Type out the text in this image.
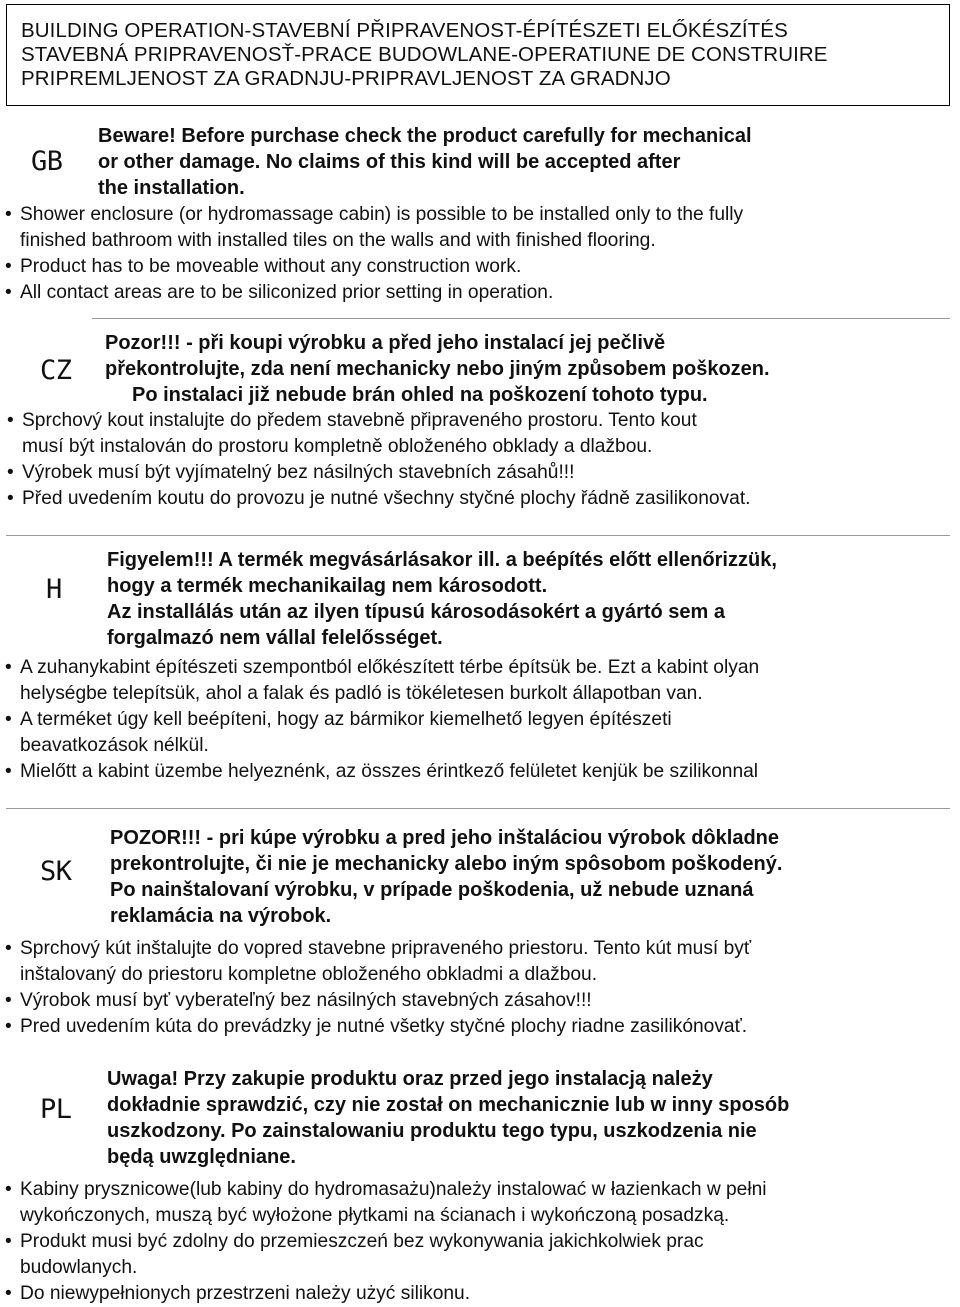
BUILDING OPERATION-STAVEBNÍ PŘIPRAVENOST-ÉPÍTÉSZETI ELŐKÉSZÍTÉS
STAVEBNÁ PRIPRAVENOSŤ-PRACE BUDOWLANE-OPERATIUNE DE CONSTRUIRE
PRIPREMLJENOST ZA GRADNJU-PRIPRAVLJENOST ZA GRADNJO
GB
Beware! Before purchase check the product carefully for mechanical
or other damage. No claims of this kind will be accepted after
the installation.
• Shower enclosure (or hydromassage cabin) is possible to be installed only to the fully
finished bathroom with installed tiles on the walls and with finished flooring.
• Product has to be moveable without any construction work.
• All contact areas are to be siliconized prior setting in operation.
CZ
Pozor!!! - při koupi výrobku a před jeho instalací jej pečlivě
překontrolujte, zda není mechanicky nebo jiným způsobem poškozen.
Po instalaci již nebude brán ohled na poškození tohoto typu.
• Sprchový kout instalujte do předem stavebně připraveného prostoru. Tento kout
musí být instalován do prostoru kompletně obloženého obklady a dlažbou.
• Výrobek musí být vyjímatelný bez násilných stavebních zásahů!!!
• Před uvedením koutu do provozu je nutné všechny styčné plochy řádně zasilikonovat.
H
Figyelem!!! A termék megvásárlásakor ill. a beépítés előtt ellenőrizzük,
hogy a termék mechanikailag nem károsodott.
Az installálás után az ilyen típusú károsodásokért a gyártó sem a
forgalmazó nem vállal felelősséget.
• A zuhanykabint építészeti szempontból előkészített térbe építsük be. Ezt a kabint olyan
helységbe telepítsük, ahol a falak és padló is tökéletesen burkolt állapotban van.
• A terméket úgy kell beépíteni, hogy az bármikor kiemelhető legyen építészeti
beavatkozások nélkül.
• Mielőtt a kabint üzembe helyeznénk, az összes érintkező felületet kenjük be szilikonnal
SK
POZOR!!! - pri kúpe výrobku a pred jeho inštaláciou výrobok dôkladne
prekontrolujte, či nie je mechanicky alebo iným spôsobom poškodený.
Po nainštalovaní výrobku, v prípade poškodenia, už nebude uznaná
reklamácia na výrobok.
• Sprchový kút inštalujte do vopred stavebne pripraveného priestoru. Tento kút musí byť
inštalovaný do priestoru kompletne obloženého obkladmi a dlažbou.
• Výrobok musí byť vyberateľný bez násilných stavebných zásahov!!!
• Pred uvedením kúta do prevádzky je nutné všetky styčné plochy riadne zasilikónovať.
PL
Uwaga! Przy zakupie produktu oraz przed jego instalacją należy
dokładnie sprawdzić, czy nie został on mechanicznie lub w inny sposób
uszkodzony. Po zainstalowaniu produktu tego typu, uszkodzenia nie
będą uwzględniane.
• Kabiny prysznicowe(lub kabiny do hydromasażu)należy instalować w łazienkach w pełni
wykończonych, muszą być wyłożone płytkami na ścianach i wykończoną posadzką.
• Produkt musi być zdolny do przemieszczeń bez wykonywania jakichkolwiek prac
budowlanych.
• Do niewypełnionych przestrzeni należy użyć silikonu.
